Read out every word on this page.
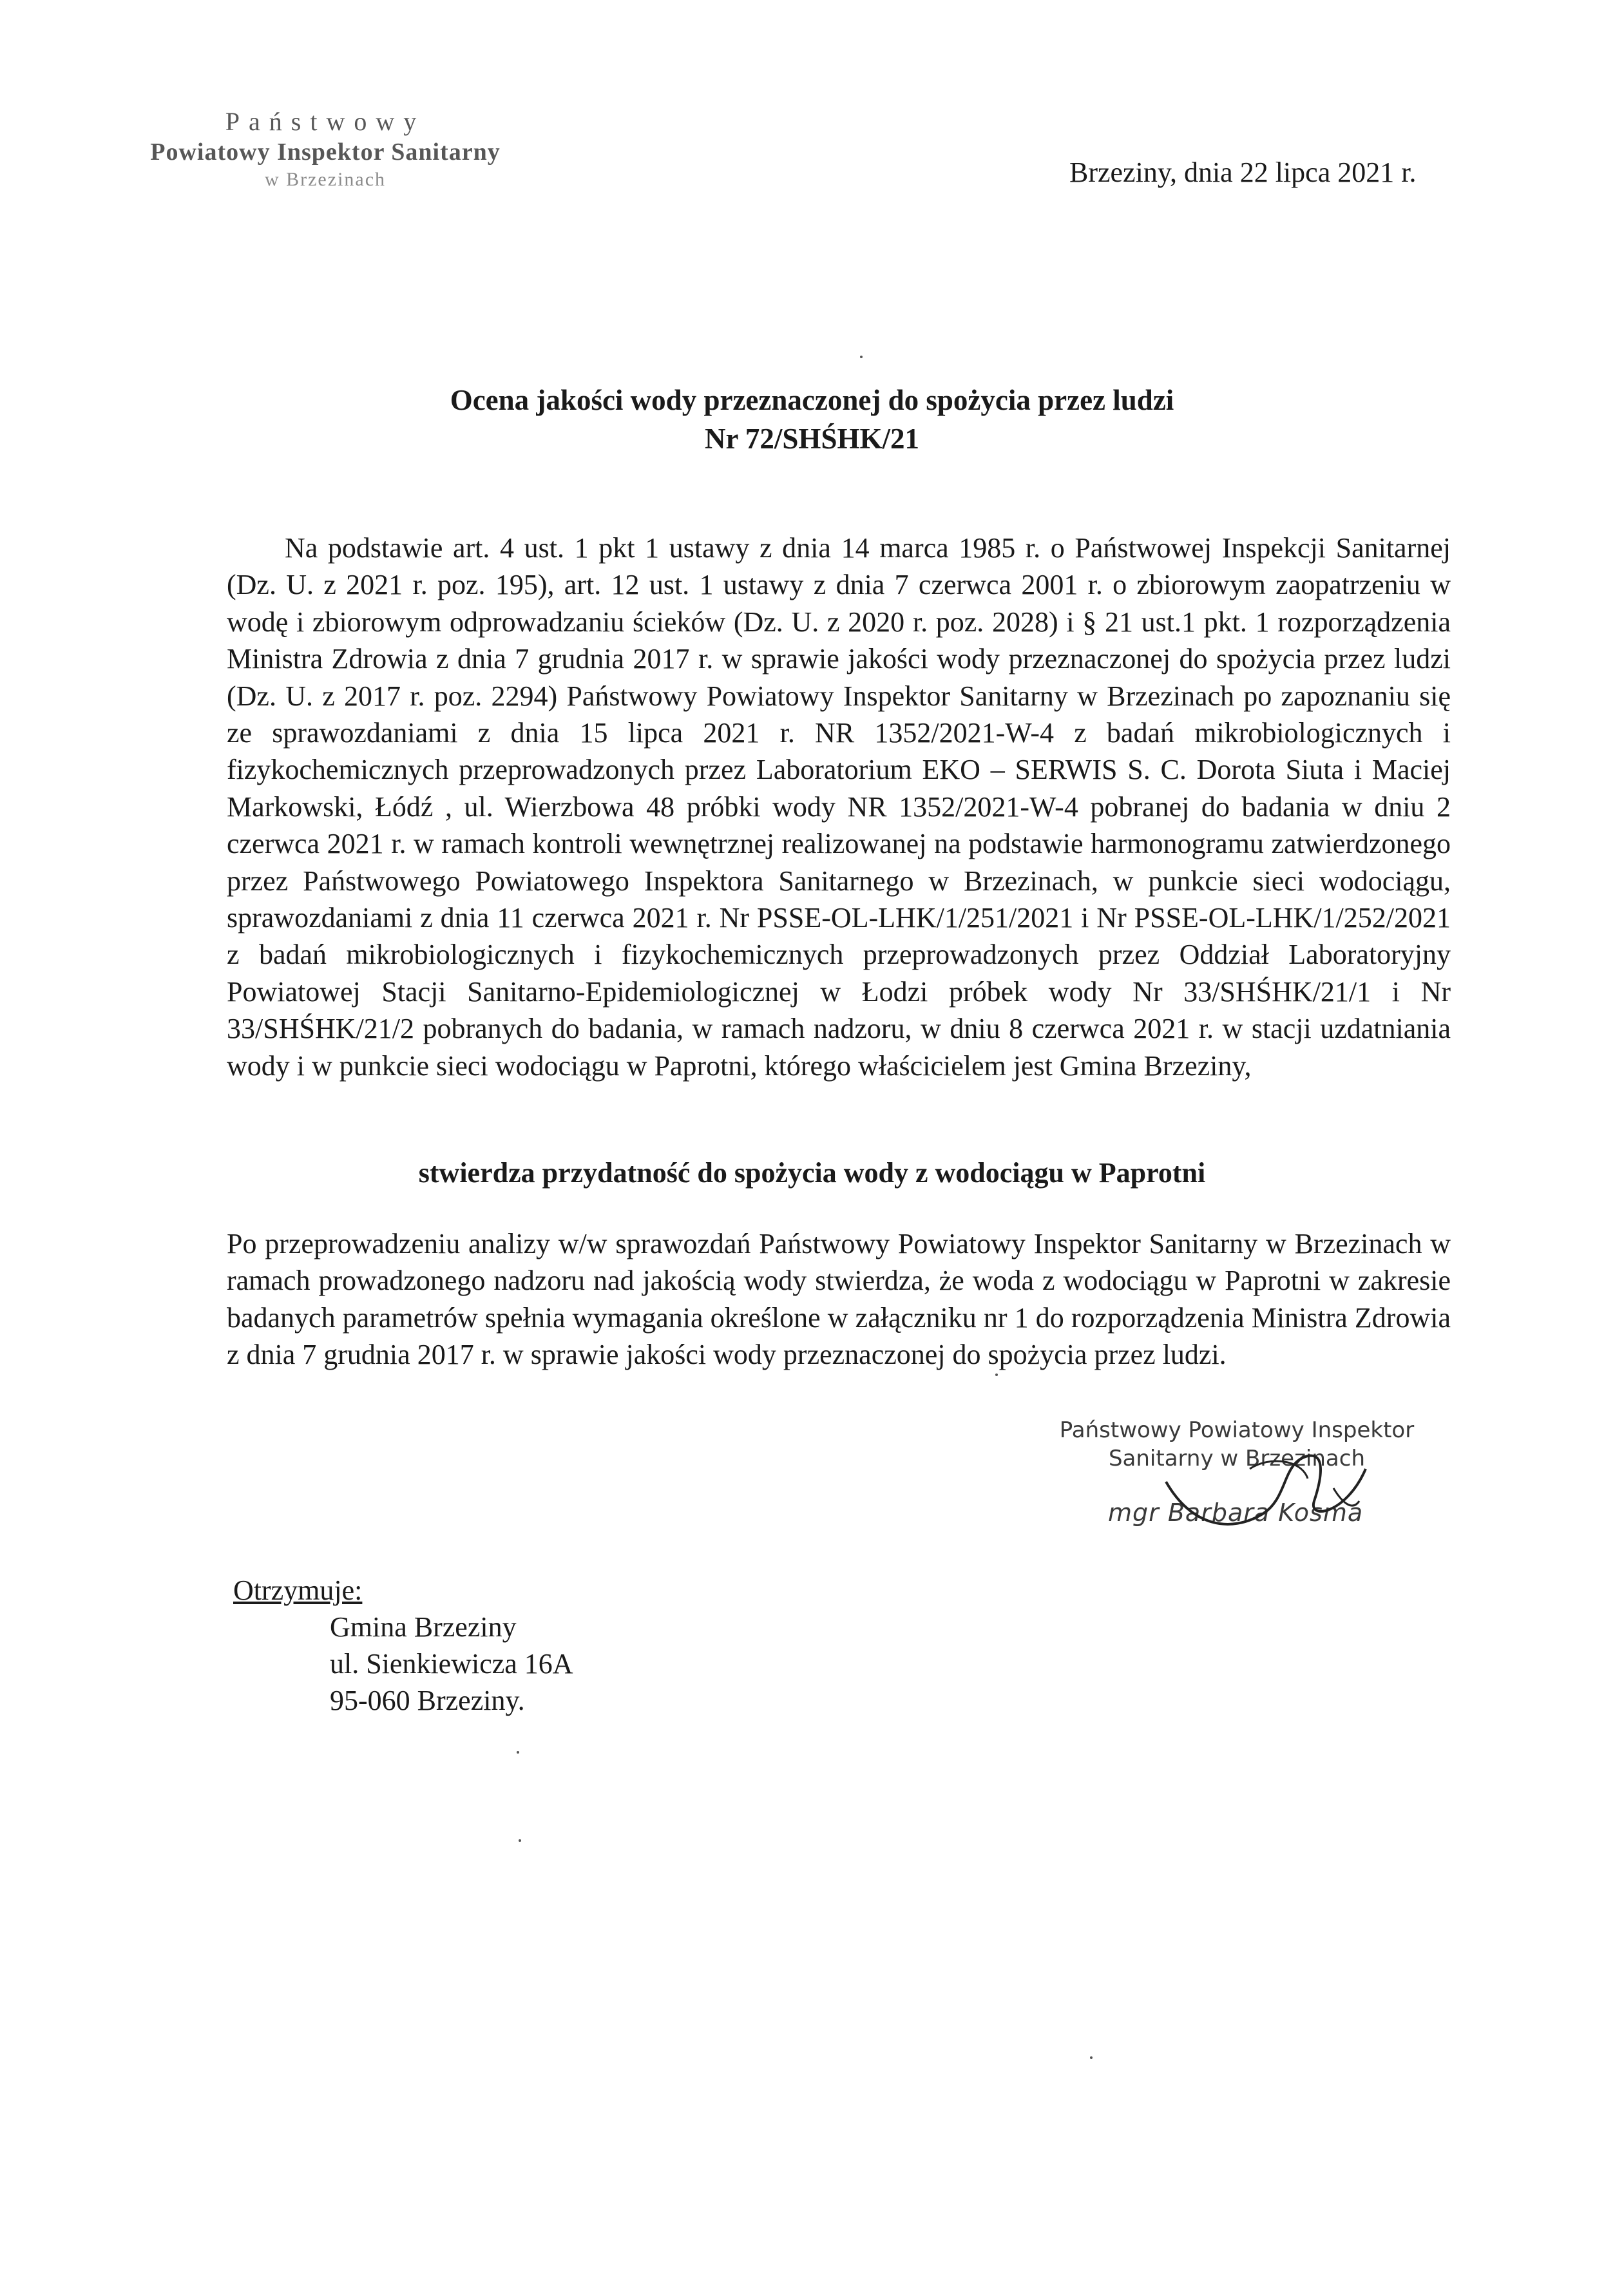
Państwowy
Powiatowy Inspektor Sanitarny
w Brzezinach	Brzeziny, dnia 22 lipca 2021 r.
Ocena jakości wody przeznaczonej do spożycia przez ludzi
Nr 72/SHŚHK/21
Na podstawie art. 4 ust. 1 pkt 1 ustawy z dnia 14 marca 1985 r. o Państwowej Inspekcji Sanitarnej (Dz. U. z 2021 r. poz. 195), art. 12 ust. 1 ustawy z dnia 7 czerwca 2001 r. o zbiorowym zaopatrzeniu w wodę i zbiorowym odprowadzaniu ścieków (Dz. U. z 2020 r. poz. 2028) i § 21 ust.1 pkt. 1 rozporządzenia Ministra Zdrowia z dnia 7 grudnia 2017 r. w sprawie jakości wody przeznaczonej do spożycia przez ludzi (Dz. U. z 2017 r. poz. 2294) Państwowy Powiatowy Inspektor Sanitarny w Brzezinach po zapoznaniu się ze sprawozdaniami z dnia 15 lipca 2021 r. NR 1352/2021-W-4 z badań mikrobiologicznych i fizykochemicznych przeprowadzonych przez Laboratorium EKO – SERWIS S. C. Dorota Siuta i Maciej Markowski, Łódź , ul. Wierzbowa 48 próbki wody NR 1352/2021-W-4 pobranej do badania w dniu 2 czerwca 2021 r. w ramach kontroli wewnętrznej realizowanej na podstawie harmonogramu zatwierdzonego przez Państwowego Powiatowego Inspektora Sanitarnego w Brzezinach, w punkcie sieci wodociągu, sprawozdaniami z dnia 11 czerwca 2021 r. Nr PSSE-OL-LHK/1/251/2021 i Nr PSSE-OL-LHK/1/252/2021 z badań mikrobiologicznych i fizykochemicznych przeprowadzonych przez Oddział Laboratoryjny Powiatowej Stacji Sanitarno-Epidemiologicznej w Łodzi próbek wody Nr 33/SHŚHK/21/1 i Nr 33/SHŚHK/21/2 pobranych do badania, w ramach nadzoru, w dniu 8 czerwca 2021 r. w stacji uzdatniania wody i w punkcie sieci wodociągu w Paprotni, którego właścicielem jest Gmina Brzeziny,
stwierdza przydatność do spożycia wody z wodociągu w Paprotni
Po przeprowadzeniu analizy w/w sprawozdań Państwowy Powiatowy Inspektor Sanitarny w Brzezinach w ramach prowadzonego nadzoru nad jakością wody stwierdza, że woda z wodociągu w Paprotni w zakresie badanych parametrów spełnia wymagania określone w załączniku nr 1 do rozporządzenia Ministra Zdrowia z dnia 7 grudnia 2017 r. w sprawie jakości wody przeznaczonej do spożycia przez ludzi.
Państwowy Powiatowy Inspektor
Sanitarny w Brzezinach
mgr Barbara Kosma
Otrzymuje:
Gmina Brzeziny
ul. Sienkiewicza 16A
95-060 Brzeziny.
